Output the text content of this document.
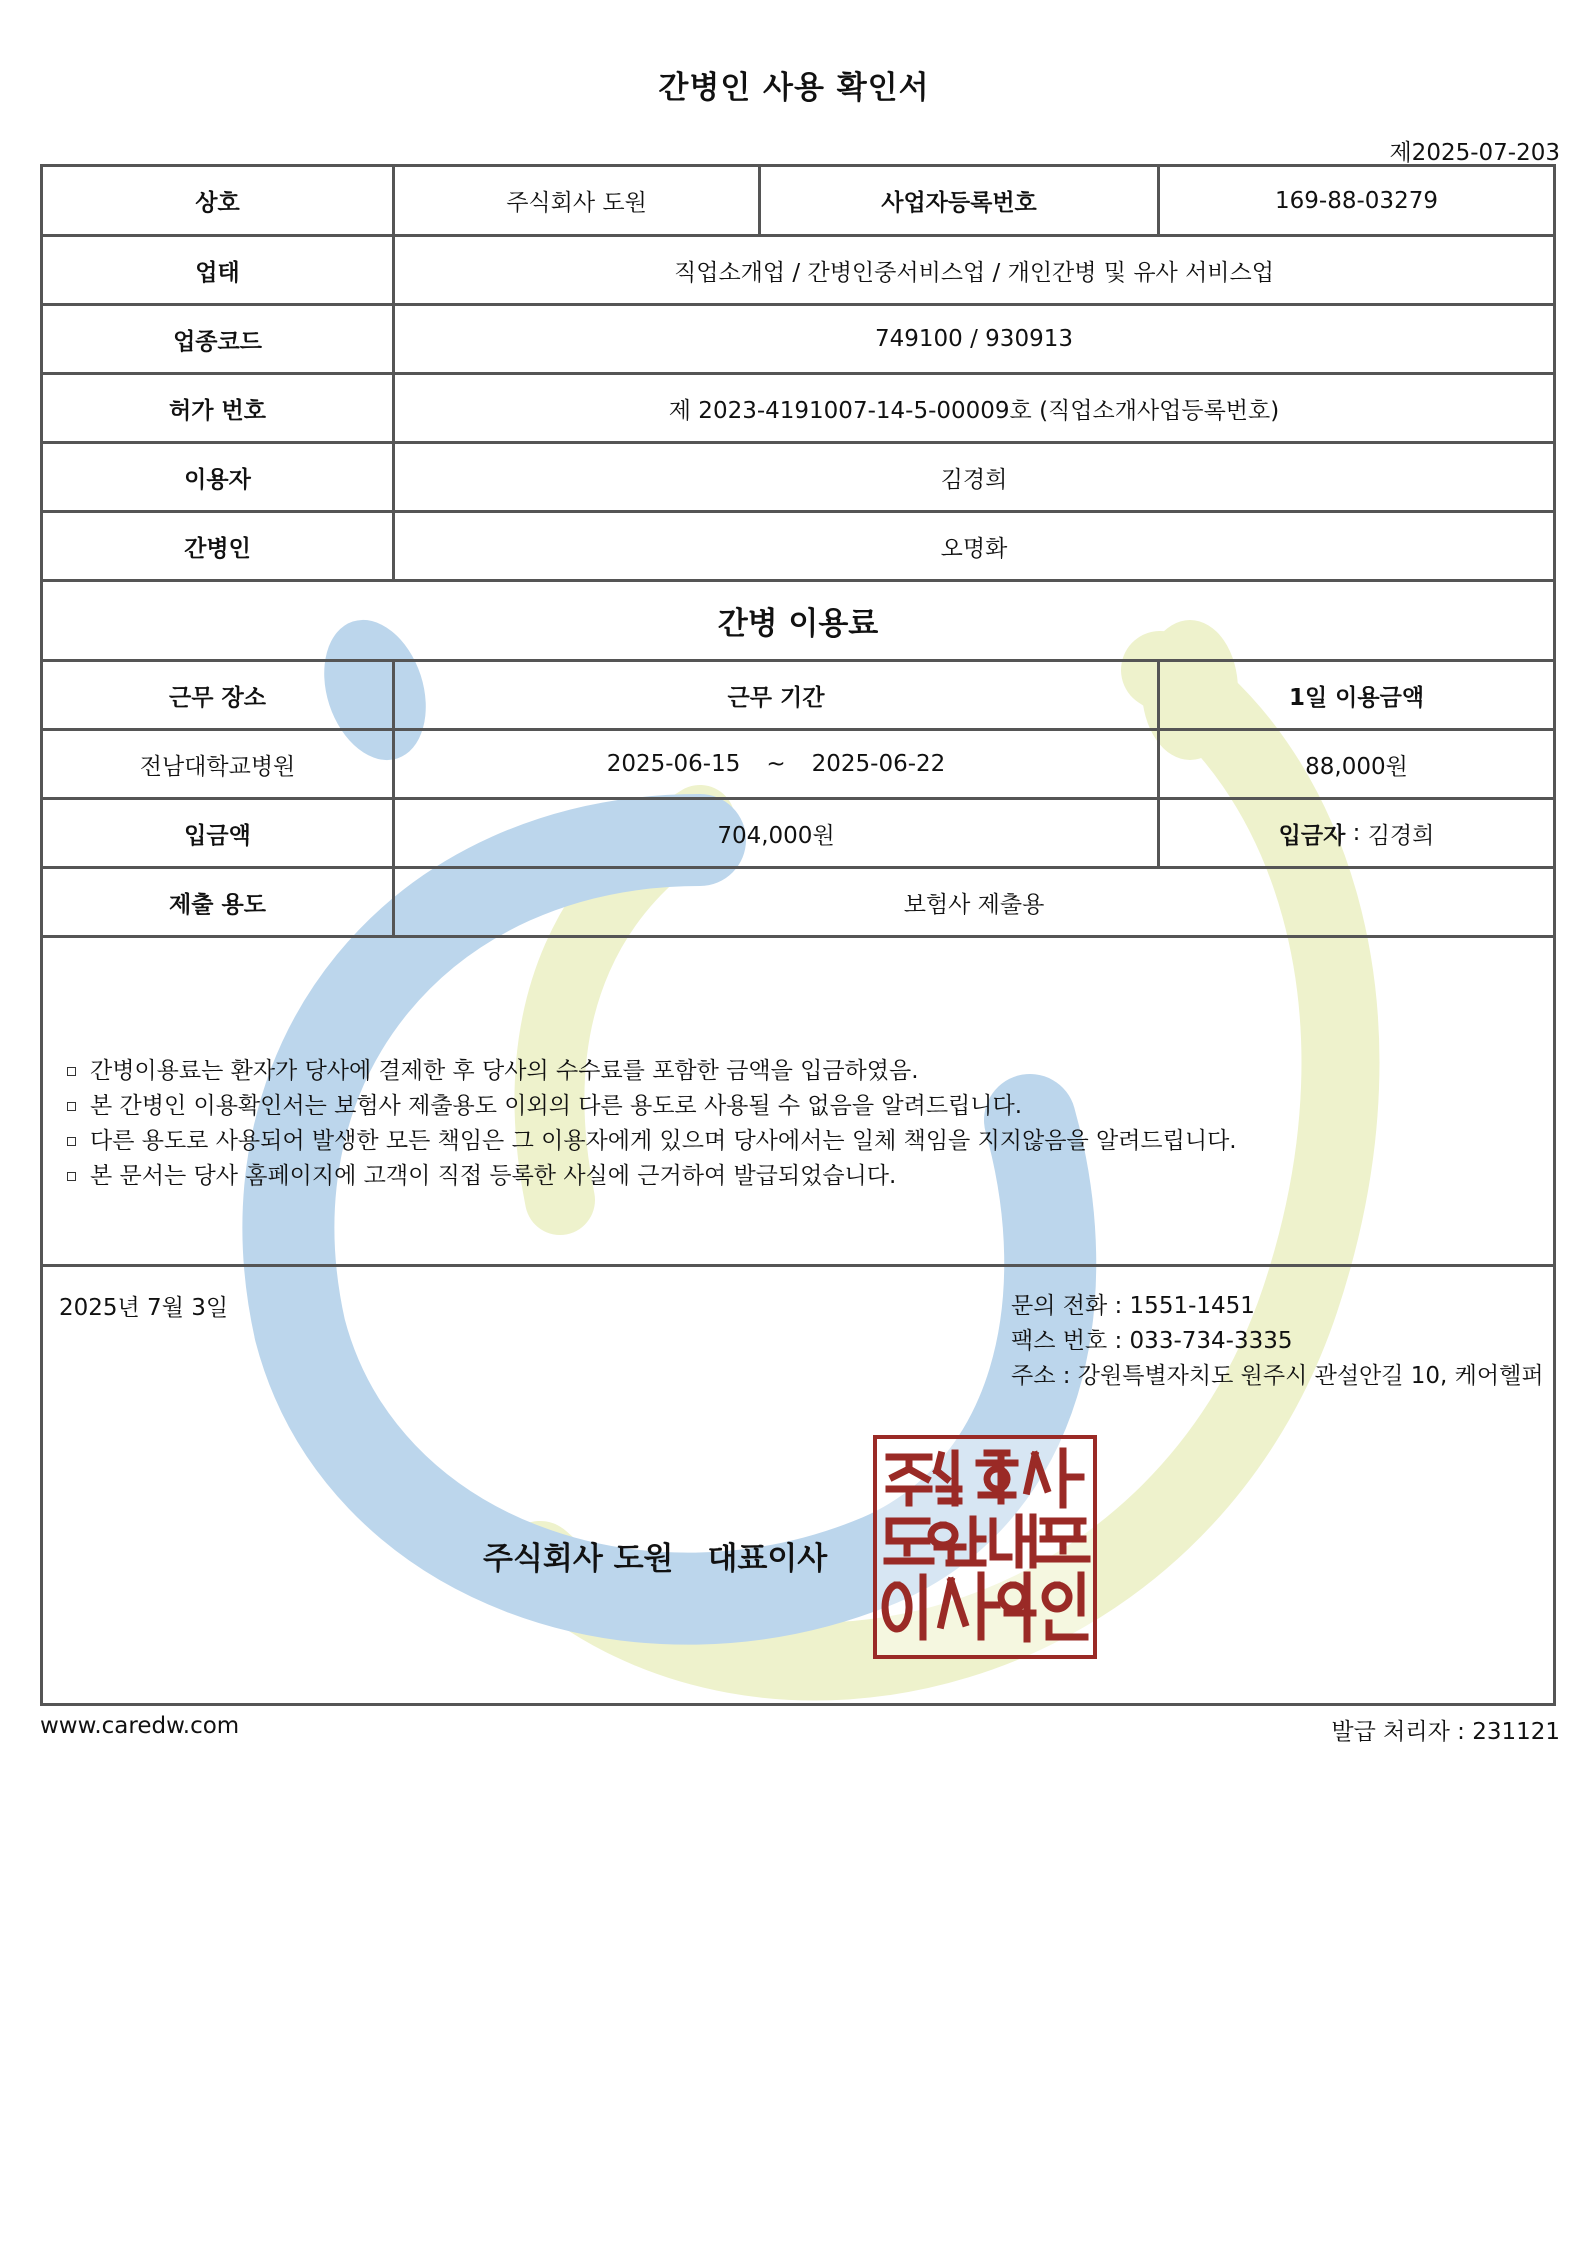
간병인 사용 확인서
제2025-07-203
상호	주식회사 도원	사업자등록번호	169-88-03279
업태	직업소개업 / 간병인중서비스업 / 개인간병 및 유사 서비스업
업종코드	749100 / 930913
허가 번호	제 2023-4191007-14-5-00009호 (직업소개사업등록번호)
이용자	김경희
간병인	오명화
간병 이용료
근무 장소	근무 기간	1일 이용금액
전남대학교병원	2025-06-15 ~ 2025-06-22	88,000원
입금액	704,000원	입금자 : 김경희
제출 용도	보험사 제출용
간병이용료는 환자가 당사에 결제한 후 당사의 수수료를 포함한 금액을 입금하였음.
본 간병인 이용확인서는 보험사 제출용도 이외의 다른 용도로 사용될 수 없음을 알려드립니다.
다른 용도로 사용되어 발생한 모든 책임은 그 이용자에게 있으며 당사에서는 일체 책임을 지지않음을 알려드립니다.
본 문서는 당사 홈페이지에 고객이 직접 등록한 사실에 근거하여 발급되었습니다.
2025년 7월 3일	문의 전화 : 1551-1451
팩스 번호 : 033-734-3335
주소 : 강원특별자치도 원주시 관설안길 10, 케어헬퍼
주식회사 도원 대표이사
www.caredw.com	발급 처리자 : 231121
